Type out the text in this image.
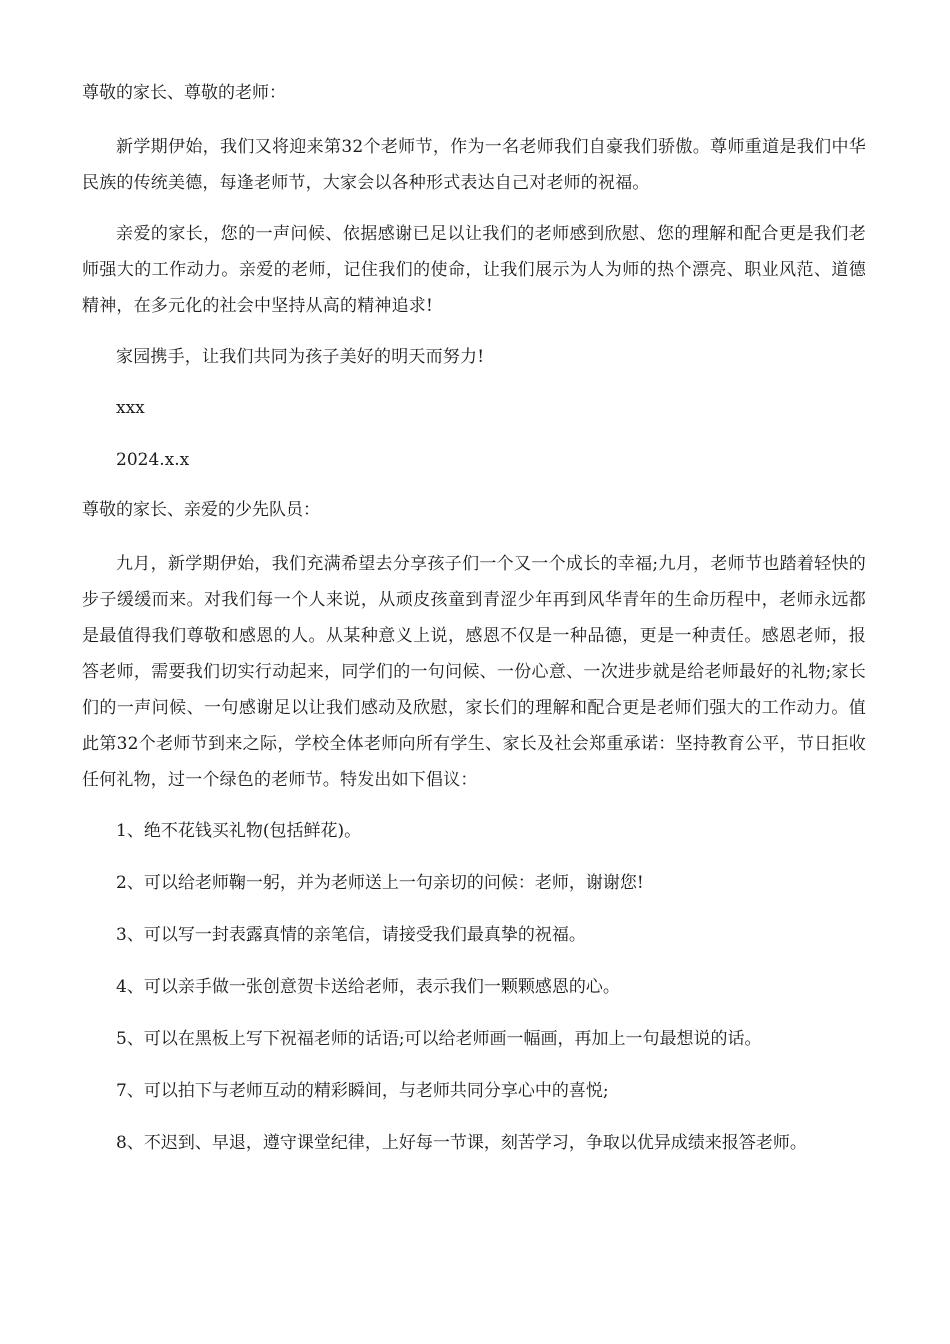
尊敬的家长、尊敬的老师：

新学期伊始，我们又将迎来第32个老师节，作为一名老师我们自豪我们骄傲。尊师重道是我们中华民族的传统美德，每逢老师节，大家会以各种形式表达自己对老师的祝福。

亲爱的家长，您的一声问候、依据感谢已足以让我们的老师感到欣慰、您的理解和配合更是我们老师强大的工作动力。亲爱的老师，记住我们的使命，让我们展示为人为师的热个漂亮、职业风范、道德精神，在多元化的社会中坚持从高的精神追求!

家园携手，让我们共同为孩子美好的明天而努力!

xxx
2024.x.x
尊敬的家长、亲爱的少先队员：

九月，新学期伊始，我们充满希望去分享孩子们一个又一个成长的幸福;九月，老师节也踏着轻快的步子缓缓而来。对我们每一个人来说，从顽皮孩童到青涩少年再到风华青年的生命历程中，老师永远都是最值得我们尊敬和感恩的人。从某种意义上说，感恩不仅是一种品德，更是一种责任。感恩老师，报答老师，需要我们切实行动起来，同学们的一句问候、一份心意、一次进步就是给老师最好的礼物;家长们的一声问候、一句感谢足以让我们感动及欣慰，家长们的理解和配合更是老师们强大的工作动力。值此第32个老师节到来之际，学校全体老师向所有学生、家长及社会郑重承诺：坚持教育公平，节日拒收任何礼物，过一个绿色的老师节。特发出如下倡议：

1、绝不花钱买礼物(包括鲜花)。
2、可以给老师鞠一躬，并为老师送上一句亲切的问候：老师，谢谢您!
3、可以写一封表露真情的亲笔信，请接受我们最真挚的祝福。
4、可以亲手做一张创意贺卡送给老师，表示我们一颗颗感恩的心。
5、可以在黑板上写下祝福老师的话语;可以给老师画一幅画，再加上一句最想说的话。
7、可以拍下与老师互动的精彩瞬间，与老师共同分享心中的喜悦;
8、不迟到、早退，遵守课堂纪律，上好每一节课，刻苦学习，争取以优异成绩来报答老师。
